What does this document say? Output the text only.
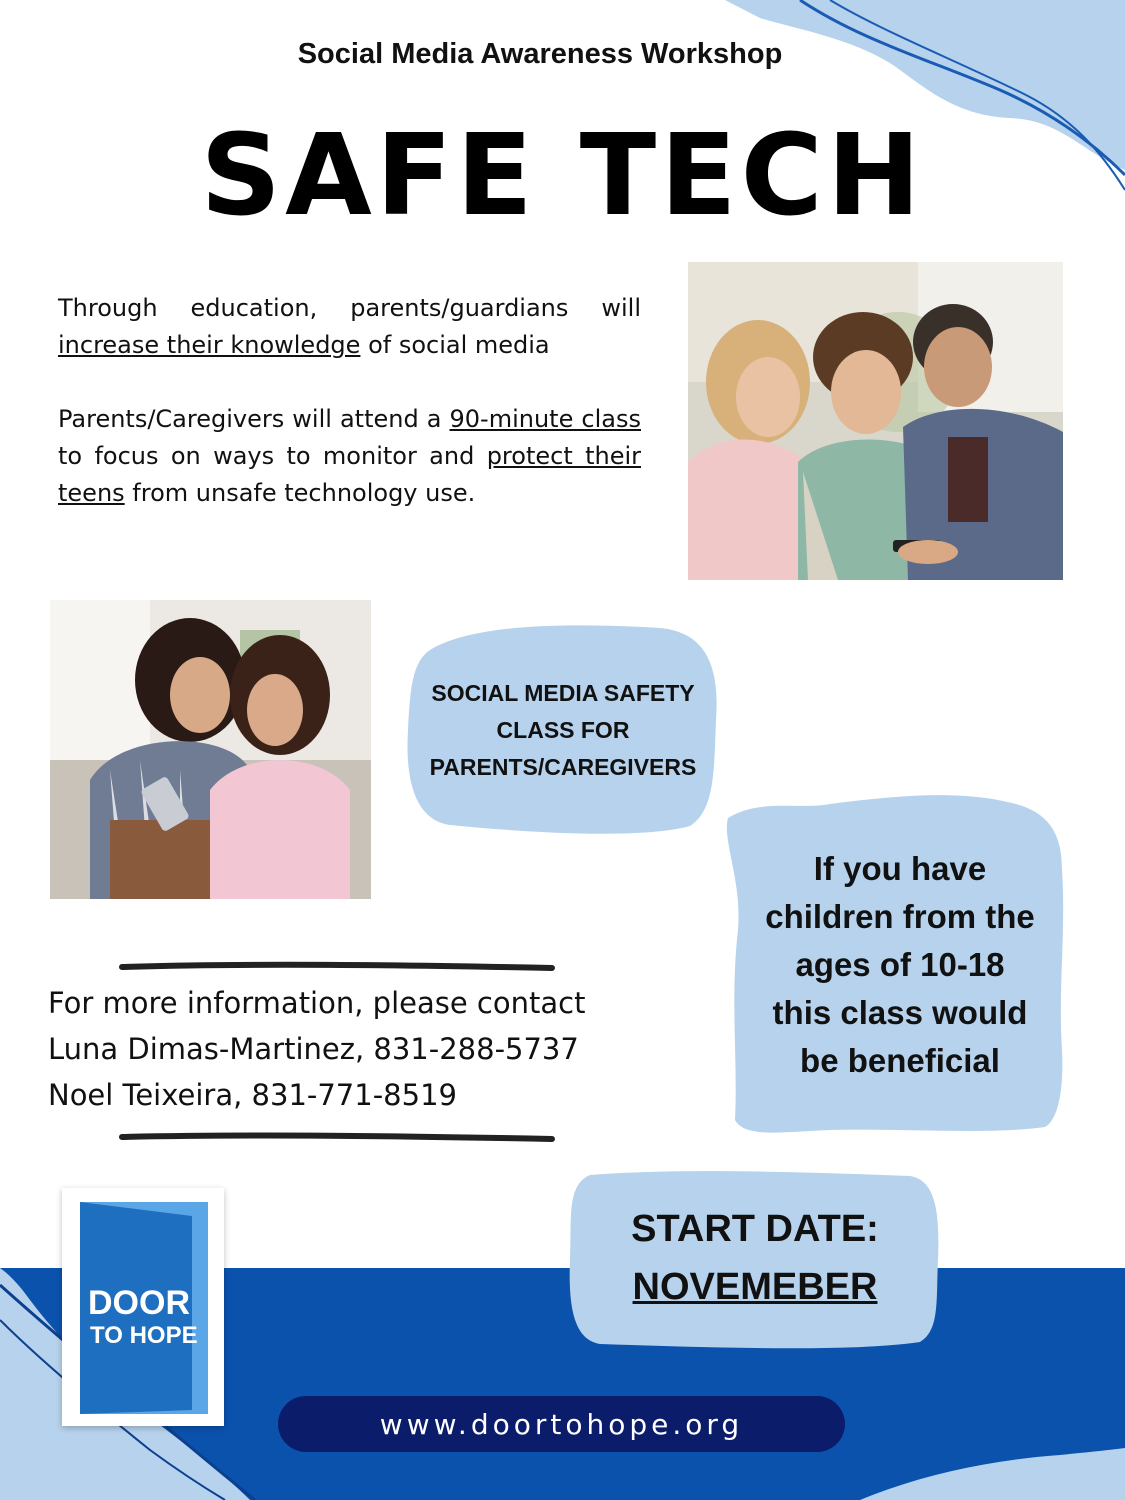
Social Media Awareness Workshop
SAFE TECH

Through education, parents/guardians will increase their knowledge of social media

Parents/Caregivers will attend a 90-minute class to focus on ways to monitor and protect their teens from unsafe technology use.

SOCIAL MEDIA SAFETY
CLASS FOR
PARENTS/CAREGIVERS
If you have
children from the
ages of 10-18
this class would
be beneficial
For more information, please contact
Luna Dimas-Martinez, 831-288-5737
Noel Teixeira, 831-771-8519
START DATE:
NOVEMEBER
DOOR
TO HOPE
www.doortohope.org
